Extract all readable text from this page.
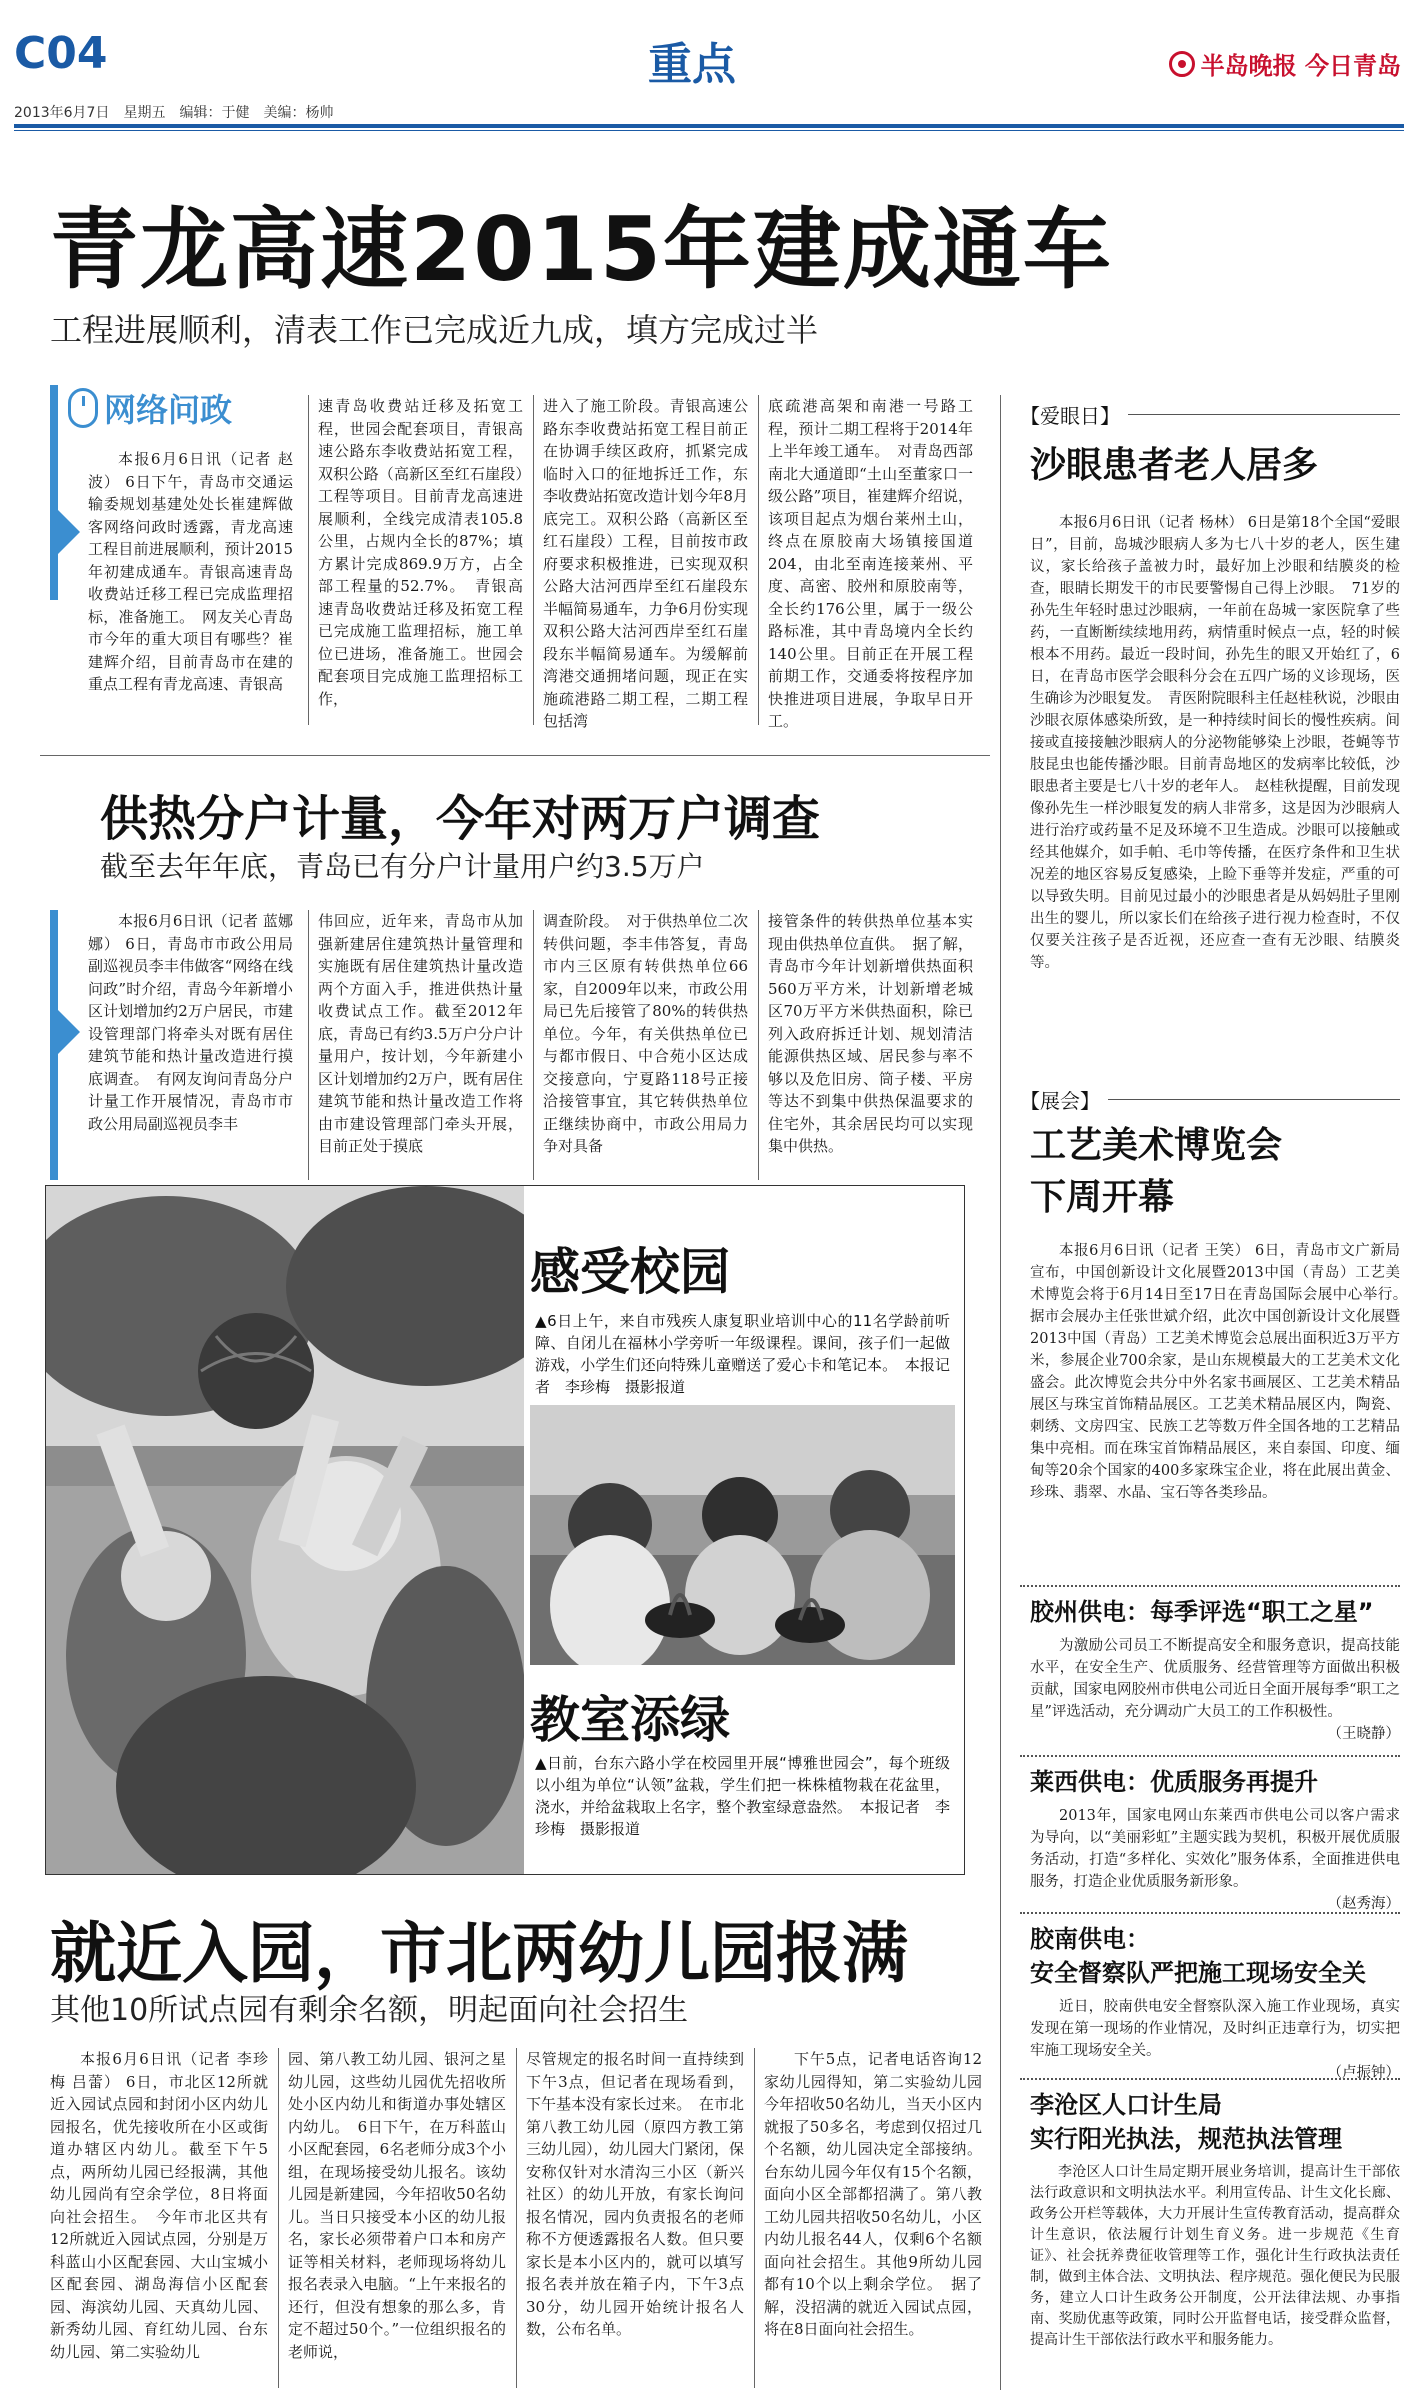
C04	重点	半岛晚报 今日青岛
2013年6月7日 星期五 编辑：于健 美编：杨帅
青龙高速2015年建成通车
工程进展顺利，清表工作已完成近九成，填方完成过半
网络问政

本报6月6日讯（记者 赵波） 6日下午，青岛市交通运输委规划基建处处长崔建辉做客网络问政时透露，青龙高速工程目前进展顺利，预计2015年初建成通车。青银高速青岛收费站迁移工程已完成监理招标，准备施工。　网友关心青岛市今年的重大项目有哪些？崔建辉介绍，目前青岛市在建的重点工程有青龙高速、青银高

速青岛收费站迁移及拓宽工程，世园会配套项目，青银高速公路东李收费站拓宽工程，双积公路（高新区至红石崖段）工程等项目。目前青龙高速进展顺利，全线完成清表105.8公里，占规内全长的87%；填方累计完成869.9万方，占全部工程量的52.7%。　青银高速青岛收费站迁移及拓宽工程已完成施工监理招标，施工单位已进场，准备施工。世园会配套项目完成施工监理招标工作，

进入了施工阶段。青银高速公路东李收费站拓宽工程目前正在协调手续区政府，抓紧完成临时入口的征地拆迁工作，东李收费站拓宽改造计划今年8月底完工。双积公路（高新区至红石崖段）工程，目前按市政府要求积极推进，已实现双积公路大沽河西岸至红石崖段东半幅简易通车，力争6月份实现双积公路大沽河西岸至红石崖段东半幅简易通车。为缓解前湾港交通拥堵问题，现正在实施疏港路二期工程，二期工程包括湾

底疏港高架和南港一号路工程，预计二期工程将于2014年上半年竣工通车。　对青岛西部南北大通道即“土山至董家口一级公路”项目，崔建辉介绍说，该项目起点为烟台莱州土山，终点在原胶南大场镇接国道204，由北至南连接莱州、平度、高密、胶州和原胶南等，全长约176公里，属于一级公路标准，其中青岛境内全长约140公里。目前正在开展工程前期工作，交通委将按程序加快推进项目进展，争取早日开工。

供热分户计量，今年对两万户调查
截至去年年底，青岛已有分户计量用户约3.5万户

本报6月6日讯（记者 蓝娜娜） 6日，青岛市市政公用局副巡视员李丰伟做客“网络在线问政”时介绍，青岛今年新增小区计划增加约2万户居民，市建设管理部门将牵头对既有居住建筑节能和热计量改造进行摸底调查。　有网友询问青岛分户计量工作开展情况，青岛市市政公用局副巡视员李丰

伟回应，近年来，青岛市从加强新建居住建筑热计量管理和实施既有居住建筑热计量改造两个方面入手，推进供热计量收费试点工作。截至2012年底，青岛已有约3.5万户分户计量用户，按计划，今年新建小区计划增加约2万户，既有居住建筑节能和热计量改造工作将由市建设管理部门牵头开展，目前正处于摸底

调查阶段。　对于供热单位二次转供问题，李丰伟答复，青岛市内三区原有转供热单位66家，自2009年以来，市政公用局已先后接管了80%的转供热单位。今年，有关供热单位已与都市假日、中合苑小区达成交接意向，宁夏路118号正接洽接管事宜，其它转供热单位正继续协商中，市政公用局力争对具备

接管条件的转供热单位基本实现由供热单位直供。　据了解，青岛市今年计划新增供热面积560万平方米，计划新增老城区70万平方米供热面积，除已列入政府拆迁计划、规划清洁能源供热区域、居民参与率不够以及危旧房、筒子楼、平房等达不到集中供热保温要求的住宅外，其余居民均可以实现集中供热。

感受校园
▲6日上午，来自市残疾人康复职业培训中心的11名学龄前听障、自闭儿在福林小学旁听一年级课程。课间，孩子们一起做游戏，小学生们还向特殊儿童赠送了爱心卡和笔记本。　本报记者　李珍梅　摄影报道
教室添绿
▲日前，台东六路小学在校园里开展“博雅世园会”，每个班级以小组为单位“认领”盆栽，学生们把一株株植物栽在花盆里，浇水，并给盆栽取上名字，整个教室绿意盎然。　本报记者　李珍梅　摄影报道
就近入园，市北两幼儿园报满
其他10所试点园有剩余名额，明起面向社会招生

本报6月6日讯（记者 李珍梅 吕蕾） 6日，市北区12所就近入园试点园和封闭小区内幼儿园报名，优先接收所在小区或街道办辖区内幼儿。截至下午5点，两所幼儿园已经报满，其他幼儿园尚有空余学位，8日将面向社会招生。　今年市北区共有12所就近入园试点园，分别是万科蓝山小区配套园、大山宝城小区配套园、湖岛海信小区配套园、海滨幼儿园、天真幼儿园、新秀幼儿园、育红幼儿园、台东幼儿园、第二实验幼儿

园、第八教工幼儿园、银河之星幼儿园，这些幼儿园优先招收所处小区内幼儿和街道办事处辖区内幼儿。　6日下午，在万科蓝山小区配套园，6名老师分成3个小组，在现场接受幼儿报名。该幼儿园是新建园，今年招收50名幼儿。当日只接受本小区的幼儿报名，家长必须带着户口本和房产证等相关材料，老师现场将幼儿报名表录入电脑。“上午来报名的还行，但没有想象的那么多，肯定不超过50个。”一位组织报名的老师说，

尽管规定的报名时间一直持续到下午3点，但记者在现场看到，下午基本没有家长过来。　在市北第八教工幼儿园（原四方教工第三幼儿园），幼儿园大门紧闭，保安称仅针对水清沟三小区（新兴社区）的幼儿开放，有家长询问报名情况，园内负责报名的老师称不方便透露报名人数。但只要家长是本小区内的，就可以填写报名表并放在箱子内，下午3点30分，幼儿园开始统计报名人数，公布名单。

下午5点，记者电话咨询12家幼儿园得知，第二实验幼儿园今年招收50名幼儿，当天小区内就报了50多名，考虑到仅招过几个名额，幼儿园决定全部接纳。台东幼儿园今年仅有15个名额，面向小区全部都招满了。第八教工幼儿园共招收50名幼儿，小区内幼儿报名44人，仅剩6个名额面向社会招生。其他9所幼儿园都有10个以上剩余学位。　据了解，没招满的就近入园试点园，将在8日面向社会招生。

【爱眼日】
沙眼患者老人居多
本报6月6日讯（记者 杨林） 6日是第18个全国“爱眼日”，目前，岛城沙眼病人多为七八十岁的老人，医生建议，家长给孩子盖被力时，最好加上沙眼和结膜炎的检查，眼睛长期发干的市民要警惕自己得上沙眼。　71岁的孙先生年轻时患过沙眼病，一年前在岛城一家医院拿了些药，一直断断续续地用药，病情重时候点一点，轻的时候根本不用药。最近一段时间，孙先生的眼又开始红了，6日，在青岛市医学会眼科分会在五四广场的义诊现场，医生确诊为沙眼复发。　青医附院眼科主任赵桂秋说，沙眼由沙眼衣原体感染所致，是一种持续时间长的慢性疾病。间接或直接接触沙眼病人的分泌物能够染上沙眼，苍蝇等节肢昆虫也能传播沙眼。目前青岛地区的发病率比较低，沙眼患者主要是七八十岁的老年人。　赵桂秋提醒，目前发现像孙先生一样沙眼复发的病人非常多，这是因为沙眼病人进行治疗或药量不足及环境不卫生造成。沙眼可以接触或经其他媒介，如手帕、毛巾等传播，在医疗条件和卫生状况差的地区容易反复感染，上睑下垂等并发症，严重的可以导致失明。目前见过最小的沙眼患者是从妈妈肚子里刚出生的婴儿，所以家长们在给孩子进行视力检查时，不仅仅要关注孩子是否近视，还应查一查有无沙眼、结膜炎等。
【展会】
工艺美术博览会
下周开幕
本报6月6日讯（记者 王笑） 6日，青岛市文广新局宣布，中国创新设计文化展暨2013中国（青岛）工艺美术博览会将于6月14日至17日在青岛国际会展中心举行。　据市会展办主任张世斌介绍，此次中国创新设计文化展暨2013中国（青岛）工艺美术博览会总展出面积近3万平方米，参展企业700余家，是山东规模最大的工艺美术文化盛会。此次博览会共分中外名家书画展区、工艺美术精品展区与珠宝首饰精品展区。工艺美术精品展区内，陶瓷、刺绣、文房四宝、民族工艺等数万件全国各地的工艺精品集中亮相。而在珠宝首饰精品展区，来自泰国、印度、缅甸等20余个国家的400多家珠宝企业，将在此展出黄金、珍珠、翡翠、水晶、宝石等各类珍品。
胶州供电：每季评选“职工之星”
为激励公司员工不断提高安全和服务意识，提高技能水平，在安全生产、优质服务、经营管理等方面做出积极贡献，国家电网胶州市供电公司近日全面开展每季“职工之星”评选活动，充分调动广大员工的工作积极性。
（王晓静）
莱西供电：优质服务再提升
2013年，国家电网山东莱西市供电公司以客户需求为导向，以“美丽彩虹”主题实践为契机，积极开展优质服务活动，打造“多样化、实效化”服务体系，全面推进供电服务，打造企业优质服务新形象。
（赵秀海）
胶南供电：
安全督察队严把施工现场安全关
近日，胶南供电安全督察队深入施工作业现场，真实发现在第一现场的作业情况，及时纠正违章行为，切实把牢施工现场安全关。
（卢振钟）
李沧区人口计生局
实行阳光执法，规范执法管理
李沧区人口计生局定期开展业务培训，提高计生干部依法行政意识和文明执法水平。利用宣传品、计生文化长廊、政务公开栏等载体，大力开展计生宣传教育活动，提高群众计生意识，依法履行计划生育义务。进一步规范《生育证》、社会抚养费征收管理等工作，强化计生行政执法责任制，做到主体合法、文明执法、程序规范。强化便民为民服务，建立人口计生政务公开制度，公开法律法规、办事指南、奖励优惠等政策，同时公开监督电话，接受群众监督，提高计生干部依法行政水平和服务能力。
